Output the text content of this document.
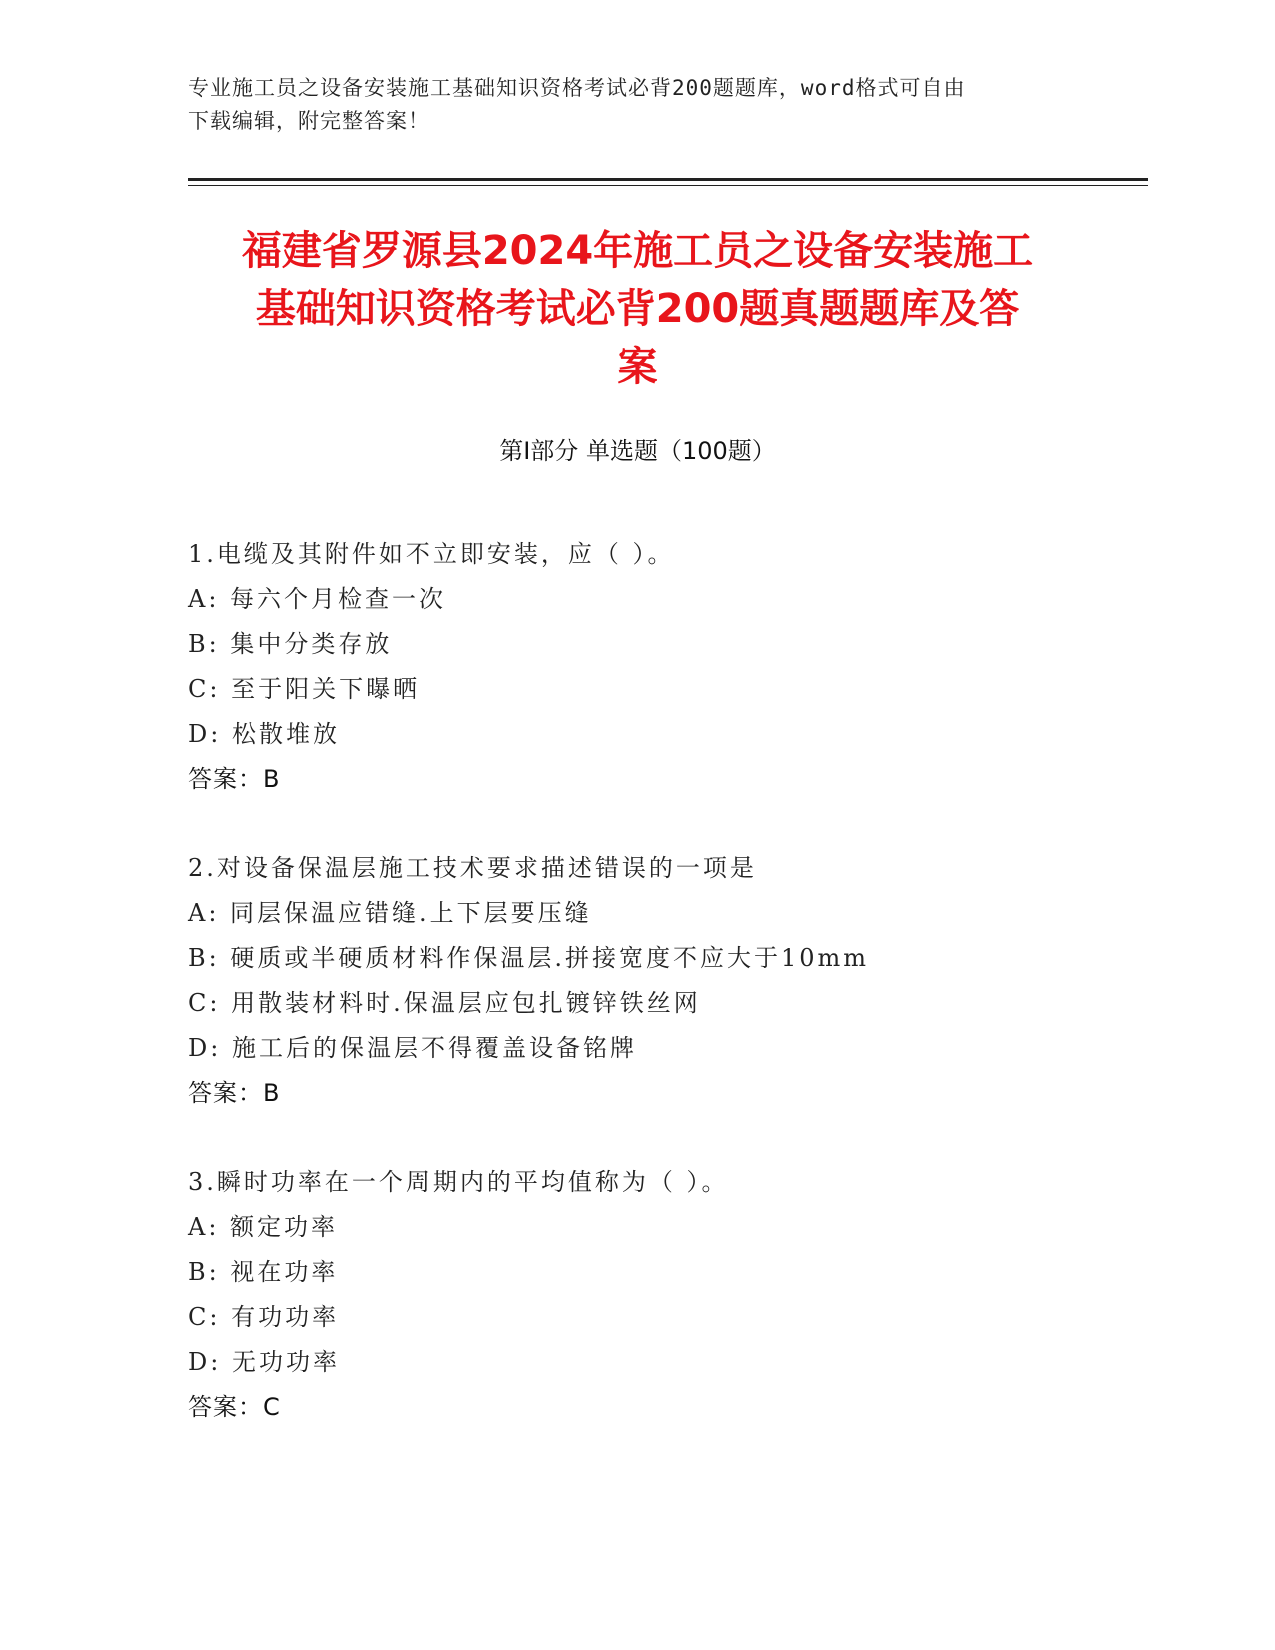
专业施工员之设备安装施工基础知识资格考试必背200题题库，word格式可自由
下载编辑，附完整答案！
福建省罗源县2024年施工员之设备安装施工
基础知识资格考试必背200题真题题库及答
案
第Ⅰ部分 单选题（100题）
1.电缆及其附件如不立即安装，应（ ）。
A: 每六个月检查一次
B: 集中分类存放
C: 至于阳关下曝晒
D: 松散堆放
答案：B
2.对设备保温层施工技术要求描述错误的一项是
A: 同层保温应错缝.上下层要压缝
B: 硬质或半硬质材料作保温层.拼接宽度不应大于10mm
C: 用散装材料时.保温层应包扎镀锌铁丝网
D: 施工后的保温层不得覆盖设备铭牌
答案：B
3.瞬时功率在一个周期内的平均值称为（ ）。
A: 额定功率
B: 视在功率
C: 有功功率
D: 无功功率
答案：C
